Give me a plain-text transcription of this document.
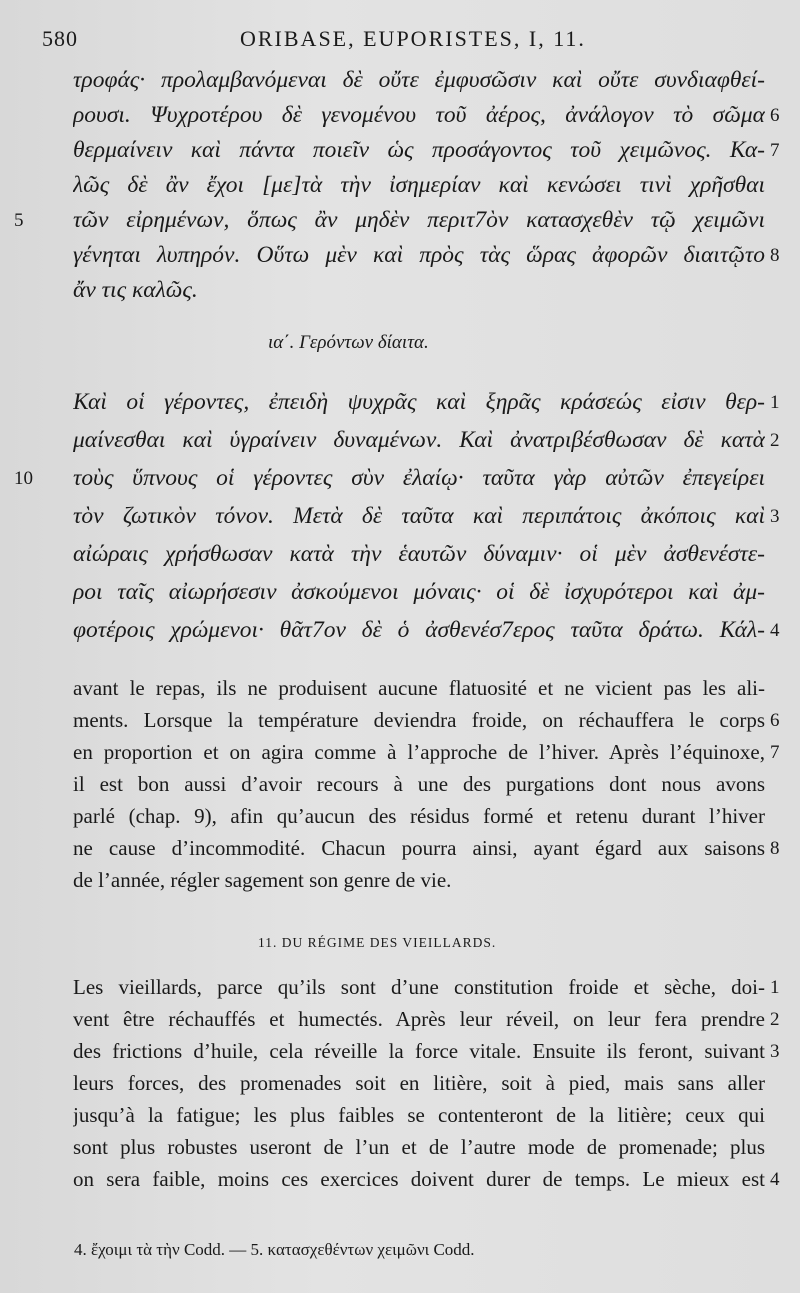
580	ORIBASE, EUPORISTES, I, 11.
τροφάς· προλαμβανόμεναι δὲ οὔτε ἐμφυσῶσιν καὶ οὔτε συνδιαφθεί-
ρουσι. Ψυχροτέρου δὲ γενομένου τοῦ ἀέρος, ἀνάλογον τὸ σῶμα
θερμαίνειν καὶ πάντα ποιεῖν ὡς προσάγοντος τοῦ χειμῶνος. Κα-
λῶς δὲ ἂν ἔχοι [με]τὰ τὴν ἰσημερίαν καὶ κενώσει τινὶ χρῆσθαι
τῶν εἰρημένων, ὅπως ἂν μηδὲν περιτ7ὸν κατασχεθὲν τῷ χειμῶνι
γένηται λυπηρόν. Οὕτω μὲν καὶ πρὸς τὰς ὥρας ἀφορῶν διαιτῷτο
ἄν τις καλῶς.
6
7
8
5
ια΄. Γερόντων δίαιτα.
Καὶ οἱ γέροντες, ἐπειδὴ ψυχρᾶς καὶ ξηρᾶς κράσεώς εἰσιν θερ-
μαίνεσθαι καὶ ὑγραίνειν δυναμένων. Καὶ ἀνατριβέσθωσαν δὲ κατὰ
τοὺς ὕπνους οἱ γέροντες σὺν ἐλαίῳ· ταῦτα γὰρ αὐτῶν ἐπεγείρει
τὸν ζωτικὸν τόνον. Μετὰ δὲ ταῦτα καὶ περιπάτοις ἀκόποις καὶ
αἰώραις χρήσθωσαν κατὰ τὴν ἑαυτῶν δύναμιν· οἱ μὲν ἀσθενέστε-
ροι ταῖς αἰωρήσεσιν ἀσκούμενοι μόναις· οἱ δὲ ἰσχυρότεροι καὶ ἀμ-
φοτέροις χρώμενοι· θᾶτ7ον δὲ ὁ ἀσθενέσ7ερος ταῦτα δράτω. Κάλ-
1
2
3
4
10
avant le repas, ils ne produisent aucune flatuosité et ne vicient pas les ali-
ments. Lorsque la température deviendra froide, on réchauffera le corps
en proportion et on agira comme à l’approche de l’hiver. Après l’équinoxe,
il est bon aussi d’avoir recours à une des purgations dont nous avons
parlé (chap. 9), afin qu’aucun des résidus formé et retenu durant l’hiver
ne cause d’incommodité. Chacun pourra ainsi, ayant égard aux saisons
de l’année, régler sagement son genre de vie.
6
7
8
11. DU RÉGIME DES VIEILLARDS.
Les vieillards, parce qu’ils sont d’une constitution froide et sèche, doi-
vent être réchauffés et humectés. Après leur réveil, on leur fera prendre
des frictions d’huile, cela réveille la force vitale. Ensuite ils feront, suivant
leurs forces, des promenades soit en litière, soit à pied, mais sans aller
jusqu’à la fatigue; les plus faibles se contenteront de la litière; ceux qui
sont plus robustes useront de l’un et de l’autre mode de promenade; plus
on sera faible, moins ces exercices doivent durer de temps. Le mieux est
1
2
3
4
4. ἔχοιμι τὰ τὴν Codd. — 5. κατασχεθέντων χειμῶνι Codd.
